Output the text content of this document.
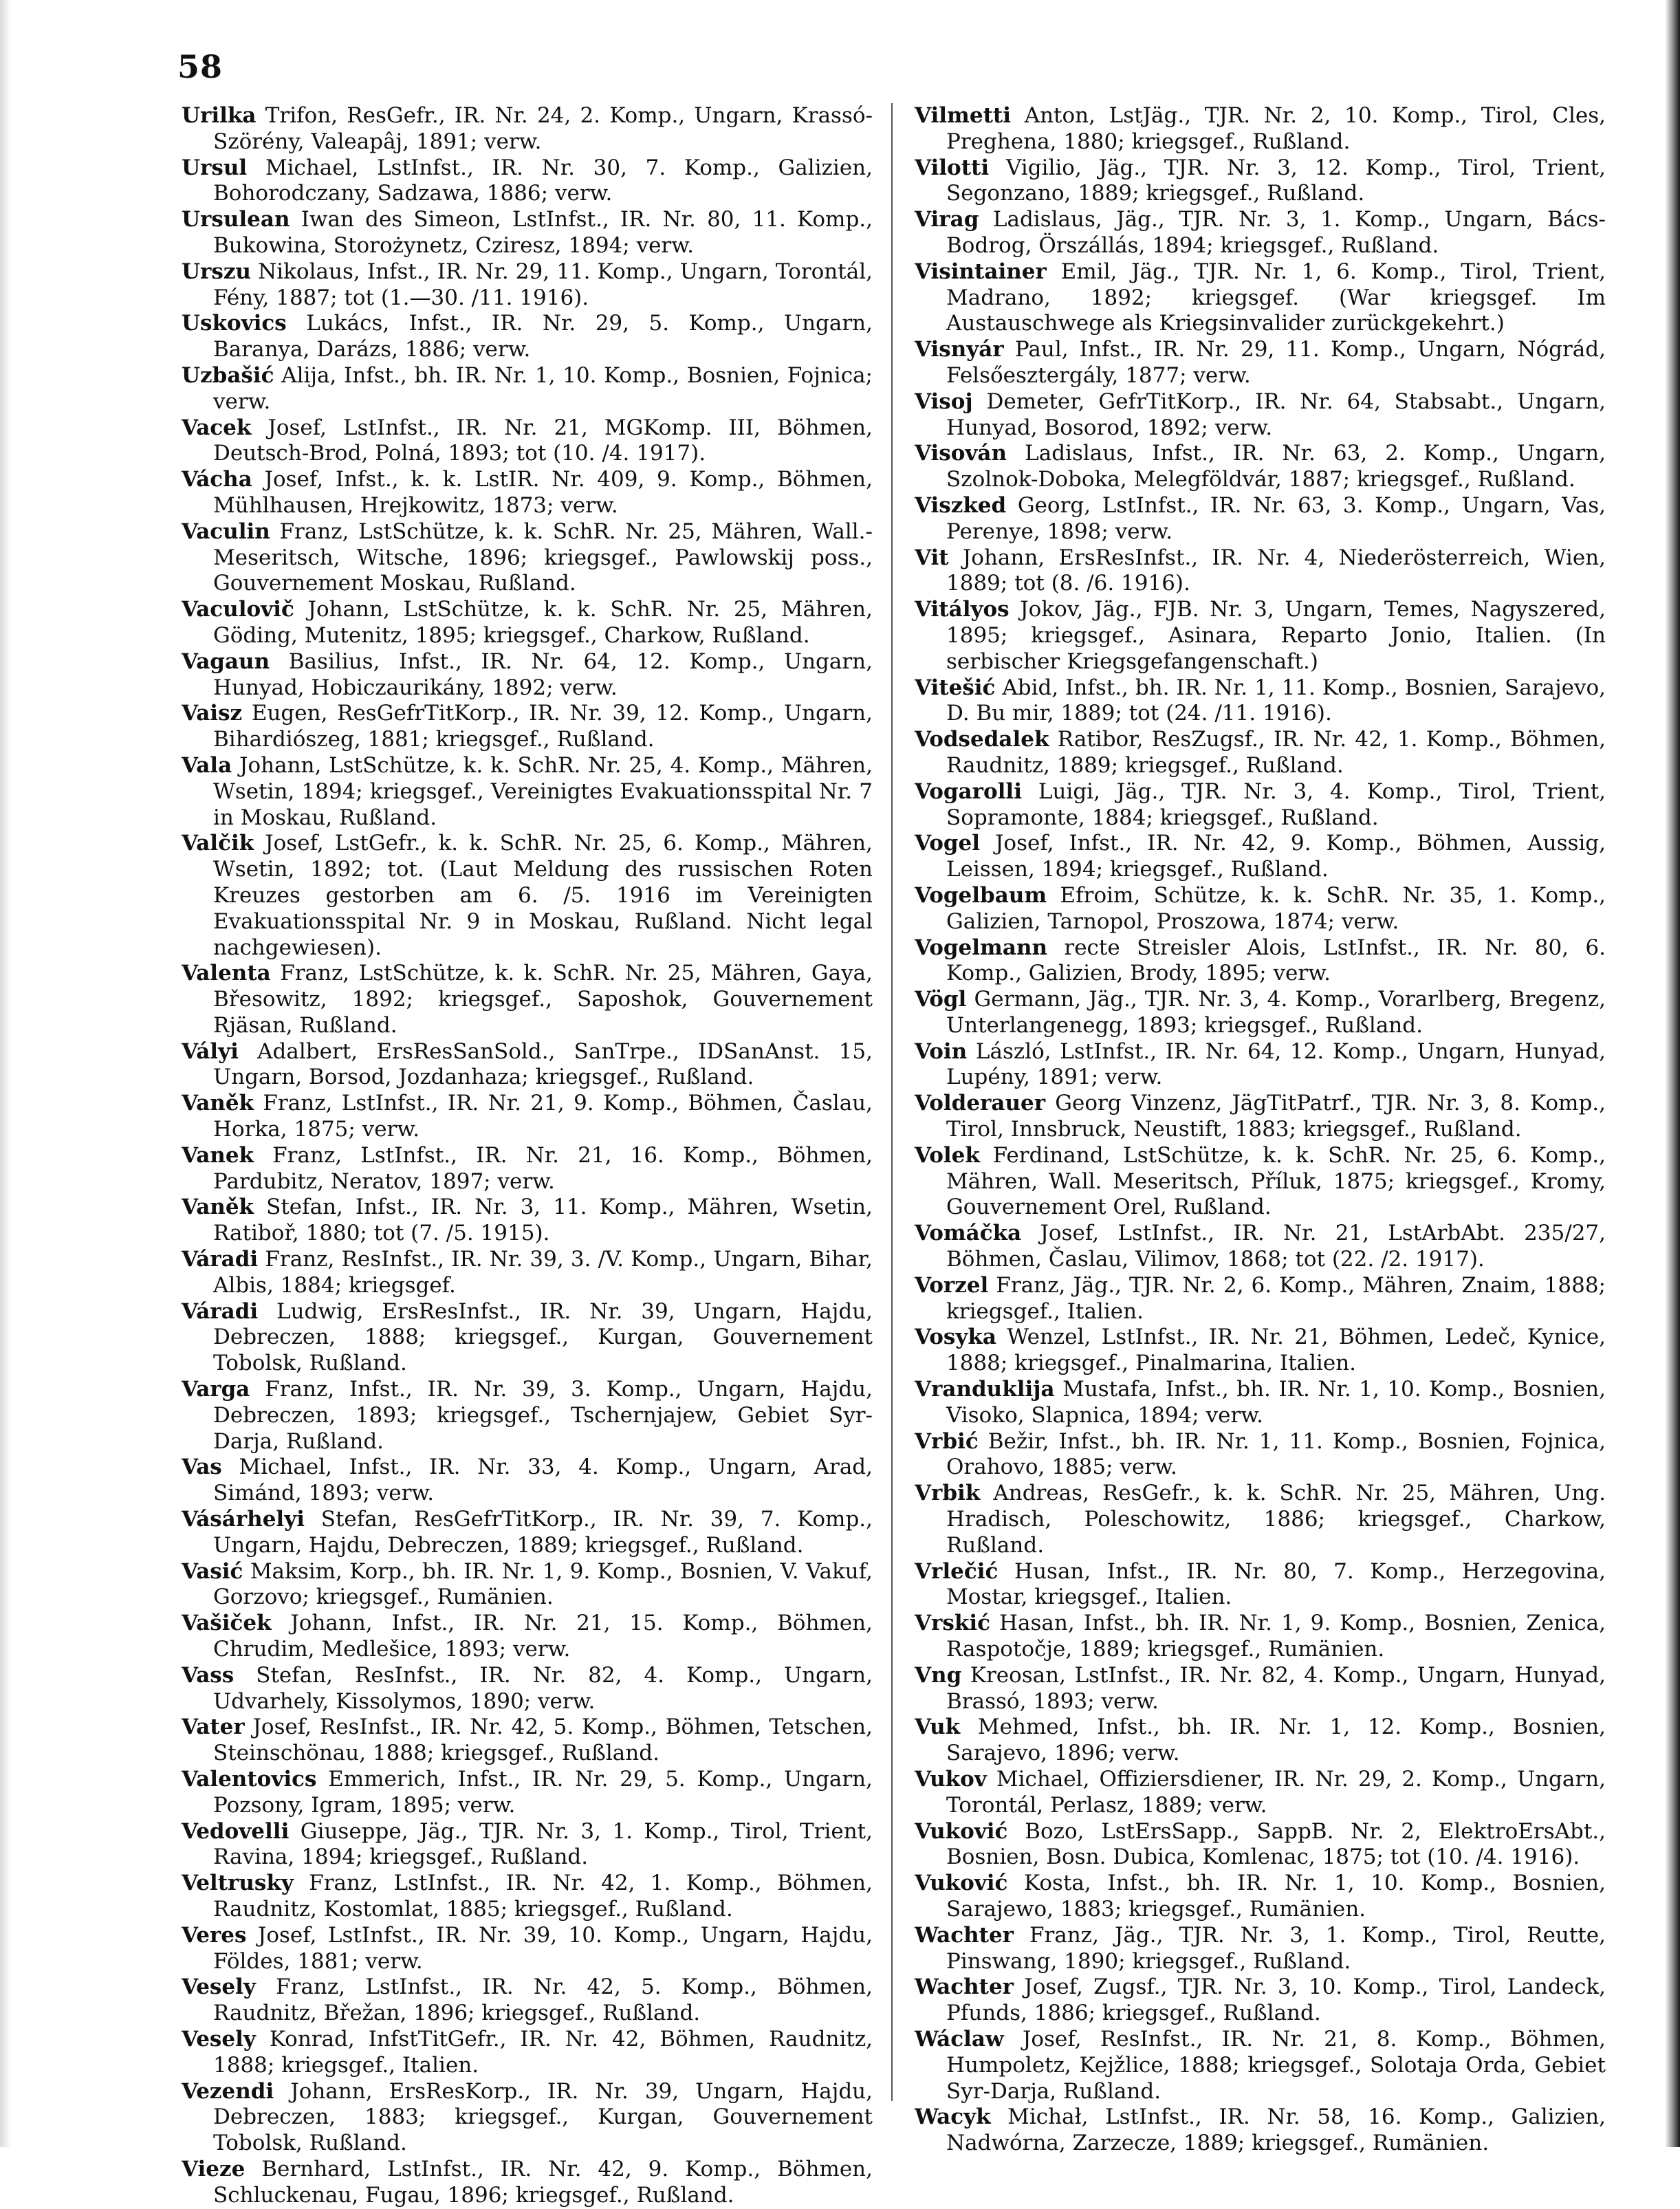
58
Urilka Trifon, ResGefr., IR. Nr. 24, 2. Komp., Ungarn, Krassó-Szörény, Valeapâj, 1891; verw.
Ursul Michael, LstInfst., IR. Nr. 30, 7. Komp., Galizien, Bohorodczany, Sadzawa, 1886; verw.
Ursulean Iwan des Simeon, LstInfst., IR. Nr. 80, 11. Komp., Bukowina, Storożynetz, Cziresz, 1894; verw.
Urszu Nikolaus, Infst., IR. Nr. 29, 11. Komp., Ungarn, Torontál, Fény, 1887; tot (1.—30. /11. 1916).
Uskovics Lukács, Infst., IR. Nr. 29, 5. Komp., Ungarn, Baranya, Darázs, 1886; verw.
Uzbašić Alija, Infst., bh. IR. Nr. 1, 10. Komp., Bosnien, Fojnica; verw.
Vacek Josef, LstInfst., IR. Nr. 21, MGKomp. III, Böhmen, Deutsch-Brod, Polná, 1893; tot (10. /4. 1917).
Vácha Josef, Infst., k. k. LstIR. Nr. 409, 9. Komp., Böhmen, Mühlhausen, Hrejkowitz, 1873; verw.
Vaculin Franz, LstSchütze, k. k. SchR. Nr. 25, Mähren, Wall.-Meseritsch, Witsche, 1896; kriegsgef., Pawlowskij poss., Gouvernement Moskau, Rußland.
Vaculovič Johann, LstSchütze, k. k. SchR. Nr. 25, Mähren, Göding, Mutenitz, 1895; kriegsgef., Charkow, Rußland.
Vagaun Basilius, Infst., IR. Nr. 64, 12. Komp., Ungarn, Hunyad, Hobiczaurikány, 1892; verw.
Vaisz Eugen, ResGefrTitKorp., IR. Nr. 39, 12. Komp., Ungarn, Bihardiószeg, 1881; kriegsgef., Rußland.
Vala Johann, LstSchütze, k. k. SchR. Nr. 25, 4. Komp., Mähren, Wsetin, 1894; kriegsgef., Vereinigtes Evakuationsspital Nr. 7 in Moskau, Rußland.
Valčik Josef, LstGefr., k. k. SchR. Nr. 25, 6. Komp., Mähren, Wsetin, 1892; tot. (Laut Meldung des russischen Roten Kreuzes gestorben am 6. /5. 1916 im Vereinigten Evakuationsspital Nr. 9 in Moskau, Rußland. Nicht legal nachgewiesen).
Valenta Franz, LstSchütze, k. k. SchR. Nr. 25, Mähren, Gaya, Břesowitz, 1892; kriegsgef., Saposhok, Gouvernement Rjäsan, Rußland.
Vályi Adalbert, ErsResSanSold., SanTrpe., IDSanAnst. 15, Ungarn, Borsod, Jozdanhaza; kriegsgef., Rußland.
Vaněk Franz, LstInfst., IR. Nr. 21, 9. Komp., Böhmen, Časlau, Horka, 1875; verw.
Vanek Franz, LstInfst., IR. Nr. 21, 16. Komp., Böhmen, Pardubitz, Neratov, 1897; verw.
Vaněk Stefan, Infst., IR. Nr. 3, 11. Komp., Mähren, Wsetin, Ratiboř, 1880; tot (7. /5. 1915).
Váradi Franz, ResInfst., IR. Nr. 39, 3. /V. Komp., Ungarn, Bihar, Albis, 1884; kriegsgef.
Váradi Ludwig, ErsResInfst., IR. Nr. 39, Ungarn, Hajdu, Debreczen, 1888; kriegsgef., Kurgan, Gouvernement Tobolsk, Rußland.
Varga Franz, Infst., IR. Nr. 39, 3. Komp., Ungarn, Hajdu, Debreczen, 1893; kriegsgef., Tschernjajew, Gebiet Syr-Darja, Rußland.
Vas Michael, Infst., IR. Nr. 33, 4. Komp., Ungarn, Arad, Simánd, 1893; verw.
Vásárhelyi Stefan, ResGefrTitKorp., IR. Nr. 39, 7. Komp., Ungarn, Hajdu, Debreczen, 1889; kriegsgef., Rußland.
Vasić Maksim, Korp., bh. IR. Nr. 1, 9. Komp., Bosnien, V. Vakuf, Gorzovo; kriegsgef., Rumänien.
Vašiček Johann, Infst., IR. Nr. 21, 15. Komp., Böhmen, Chrudim, Medlešice, 1893; verw.
Vass Stefan, ResInfst., IR. Nr. 82, 4. Komp., Ungarn, Udvarhely, Kissolymos, 1890; verw.
Vater Josef, ResInfst., IR. Nr. 42, 5. Komp., Böhmen, Tetschen, Steinschönau, 1888; kriegsgef., Rußland.
Valentovics Emmerich, Infst., IR. Nr. 29, 5. Komp., Ungarn, Pozsony, Igram, 1895; verw.
Vedovelli Giuseppe, Jäg., TJR. Nr. 3, 1. Komp., Tirol, Trient, Ravina, 1894; kriegsgef., Rußland.
Veltrusky Franz, LstInfst., IR. Nr. 42, 1. Komp., Böhmen, Raudnitz, Kostomlat, 1885; kriegsgef., Rußland.
Veres Josef, LstInfst., IR. Nr. 39, 10. Komp., Ungarn, Hajdu, Földes, 1881; verw.
Vesely Franz, LstInfst., IR. Nr. 42, 5. Komp., Böhmen, Raudnitz, Břežan, 1896; kriegsgef., Rußland.
Vesely Konrad, InfstTitGefr., IR. Nr. 42, Böhmen, Raudnitz, 1888; kriegsgef., Italien.
Vezendi Johann, ErsResKorp., IR. Nr. 39, Ungarn, Hajdu, Debreczen, 1883; kriegsgef., Kurgan, Gouvernement Tobolsk, Rußland.
Vieze Bernhard, LstInfst., IR. Nr. 42, 9. Komp., Böhmen, Schluckenau, Fugau, 1896; kriegsgef., Rußland.
Vilmetti Anton, LstJäg., TJR. Nr. 2, 10. Komp., Tirol, Cles, Preghena, 1880; kriegsgef., Rußland.
Vilotti Vigilio, Jäg., TJR. Nr. 3, 12. Komp., Tirol, Trient, Segonzano, 1889; kriegsgef., Rußland.
Virag Ladislaus, Jäg., TJR. Nr. 3, 1. Komp., Ungarn, Bács-Bodrog, Örszállás, 1894; kriegsgef., Rußland.
Visintainer Emil, Jäg., TJR. Nr. 1, 6. Komp., Tirol, Trient, Madrano, 1892; kriegsgef. (War kriegsgef. Im Austauschwege als Kriegsinvalider zurückgekehrt.)
Visnyár Paul, Infst., IR. Nr. 29, 11. Komp., Ungarn, Nógrád, Felsőesztergály, 1877; verw.
Visoj Demeter, GefrTitKorp., IR. Nr. 64, Stabsabt., Ungarn, Hunyad, Bosorod, 1892; verw.
Visován Ladislaus, Infst., IR. Nr. 63, 2. Komp., Ungarn, Szolnok-Doboka, Melegföldvár, 1887; kriegsgef., Rußland.
Viszked Georg, LstInfst., IR. Nr. 63, 3. Komp., Ungarn, Vas, Perenye, 1898; verw.
Vit Johann, ErsResInfst., IR. Nr. 4, Niederösterreich, Wien, 1889; tot (8. /6. 1916).
Vitályos Jokov, Jäg., FJB. Nr. 3, Ungarn, Temes, Nagyszered, 1895; kriegsgef., Asinara, Reparto Jonio, Italien. (In serbischer Kriegsgefangenschaft.)
Vitešić Abid, Infst., bh. IR. Nr. 1, 11. Komp., Bosnien, Sarajevo, D. Bu mir, 1889; tot (24. /11. 1916).
Vodsedalek Ratibor, ResZugsf., IR. Nr. 42, 1. Komp., Böhmen, Raudnitz, 1889; kriegsgef., Rußland.
Vogarolli Luigi, Jäg., TJR. Nr. 3, 4. Komp., Tirol, Trient, Sopramonte, 1884; kriegsgef., Rußland.
Vogel Josef, Infst., IR. Nr. 42, 9. Komp., Böhmen, Aussig, Leissen, 1894; kriegsgef., Rußland.
Vogelbaum Efroim, Schütze, k. k. SchR. Nr. 35, 1. Komp., Galizien, Tarnopol, Proszowa, 1874; verw.
Vogelmann recte Streisler Alois, LstInfst., IR. Nr. 80, 6. Komp., Galizien, Brody, 1895; verw.
Vögl Germann, Jäg., TJR. Nr. 3, 4. Komp., Vorarlberg, Bregenz, Unterlangenegg, 1893; kriegsgef., Rußland.
Voin László, LstInfst., IR. Nr. 64, 12. Komp., Ungarn, Hunyad, Lupény, 1891; verw.
Volderauer Georg Vinzenz, JägTitPatrf., TJR. Nr. 3, 8. Komp., Tirol, Innsbruck, Neustift, 1883; kriegsgef., Rußland.
Volek Ferdinand, LstSchütze, k. k. SchR. Nr. 25, 6. Komp., Mähren, Wall. Meseritsch, Příluk, 1875; kriegsgef., Kromy, Gouvernement Orel, Rußland.
Vomáčka Josef, LstInfst., IR. Nr. 21, LstArbAbt. 235/27, Böhmen, Časlau, Vilimov, 1868; tot (22. /2. 1917).
Vorzel Franz, Jäg., TJR. Nr. 2, 6. Komp., Mähren, Znaim, 1888; kriegsgef., Italien.
Vosyka Wenzel, LstInfst., IR. Nr. 21, Böhmen, Ledeč, Kynice, 1888; kriegsgef., Pinalmarina, Italien.
Vranduklija Mustafa, Infst., bh. IR. Nr. 1, 10. Komp., Bosnien, Visoko, Slapnica, 1894; verw.
Vrbić Bežir, Infst., bh. IR. Nr. 1, 11. Komp., Bosnien, Fojnica, Orahovo, 1885; verw.
Vrbik Andreas, ResGefr., k. k. SchR. Nr. 25, Mähren, Ung. Hradisch, Poleschowitz, 1886; kriegsgef., Charkow, Rußland.
Vrlečić Husan, Infst., IR. Nr. 80, 7. Komp., Herzegovina, Mostar, kriegsgef., Italien.
Vrskić Hasan, Infst., bh. IR. Nr. 1, 9. Komp., Bosnien, Zenica, Raspotočje, 1889; kriegsgef., Rumänien.
Vng Kreosan, LstInfst., IR. Nr. 82, 4. Komp., Ungarn, Hunyad, Brassó, 1893; verw.
Vuk Mehmed, Infst., bh. IR. Nr. 1, 12. Komp., Bosnien, Sarajevo, 1896; verw.
Vukov Michael, Offiziersdiener, IR. Nr. 29, 2. Komp., Ungarn, Torontál, Perlasz, 1889; verw.
Vuković Bozo, LstErsSapp., SappB. Nr. 2, ElektroErsAbt., Bosnien, Bosn. Dubica, Komlenac, 1875; tot (10. /4. 1916).
Vuković Kosta, Infst., bh. IR. Nr. 1, 10. Komp., Bosnien, Sarajewo, 1883; kriegsgef., Rumänien.
Wachter Franz, Jäg., TJR. Nr. 3, 1. Komp., Tirol, Reutte, Pinswang, 1890; kriegsgef., Rußland.
Wachter Josef, Zugsf., TJR. Nr. 3, 10. Komp., Tirol, Landeck, Pfunds, 1886; kriegsgef., Rußland.
Wáclaw Josef, ResInfst., IR. Nr. 21, 8. Komp., Böhmen, Humpoletz, Kejžlice, 1888; kriegsgef., Solotaja Orda, Gebiet Syr-Darja, Rußland.
Wacyk Michał, LstInfst., IR. Nr. 58, 16. Komp., Galizien, Nadwórna, Zarzecze, 1889; kriegsgef., Rumänien.
